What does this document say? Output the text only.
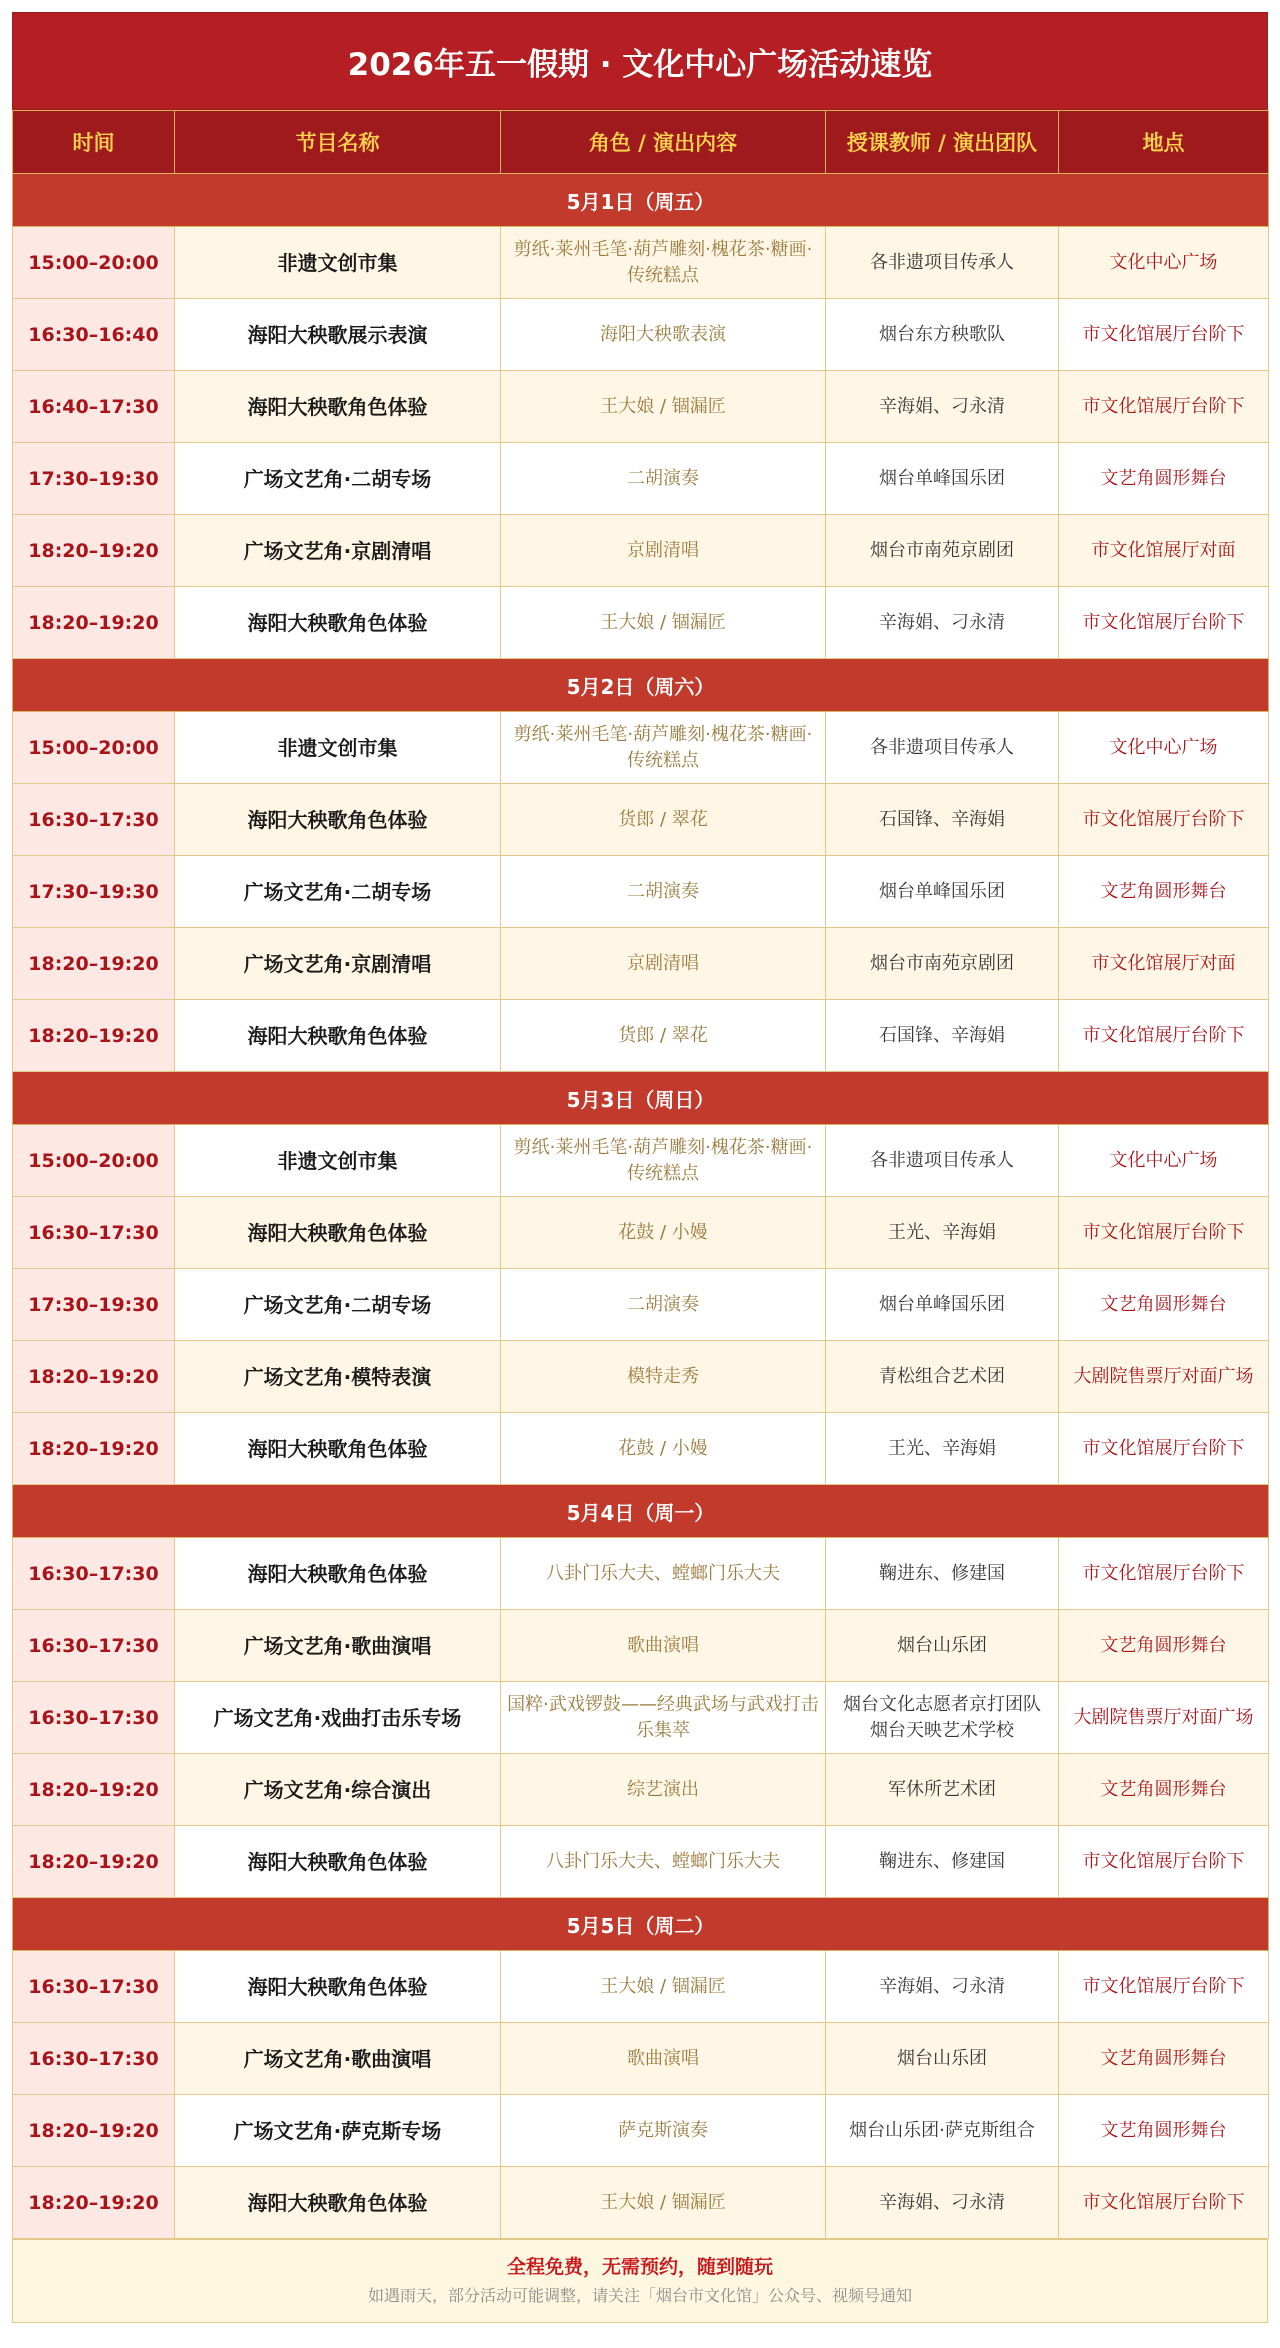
2026年五一假期 · 文化中心广场活动速览
时间	节目名称	角色 / 演出内容	授课教师 / 演出团队	地点
5月1日（周五）				
15:00–20:00	非遗文创市集	剪纸·莱州毛笔·葫芦雕刻·槐花茶·糖画·传统糕点	各非遗项目传承人	文化中心广场
16:30–16:40	海阳大秧歌展示表演	海阳大秧歌表演	烟台东方秧歌队	市文化馆展厅台阶下
16:40–17:30	海阳大秧歌角色体验	王大娘 / 锢漏匠	辛海娟、刁永清	市文化馆展厅台阶下
17:30–19:30	广场文艺角·二胡专场	二胡演奏	烟台单峰国乐团	文艺角圆形舞台
18:20–19:20	广场文艺角·京剧清唱	京剧清唱	烟台市南苑京剧团	市文化馆展厅对面
18:20–19:20	海阳大秧歌角色体验	王大娘 / 锢漏匠	辛海娟、刁永清	市文化馆展厅台阶下
5月2日（周六）				
15:00–20:00	非遗文创市集	剪纸·莱州毛笔·葫芦雕刻·槐花茶·糖画·传统糕点	各非遗项目传承人	文化中心广场
16:30–17:30	海阳大秧歌角色体验	货郎 / 翠花	石国锋、辛海娟	市文化馆展厅台阶下
17:30–19:30	广场文艺角·二胡专场	二胡演奏	烟台单峰国乐团	文艺角圆形舞台
18:20–19:20	广场文艺角·京剧清唱	京剧清唱	烟台市南苑京剧团	市文化馆展厅对面
18:20–19:20	海阳大秧歌角色体验	货郎 / 翠花	石国锋、辛海娟	市文化馆展厅台阶下
5月3日（周日）				
15:00–20:00	非遗文创市集	剪纸·莱州毛笔·葫芦雕刻·槐花茶·糖画·传统糕点	各非遗项目传承人	文化中心广场
16:30–17:30	海阳大秧歌角色体验	花鼓 / 小嫚	王光、辛海娟	市文化馆展厅台阶下
17:30–19:30	广场文艺角·二胡专场	二胡演奏	烟台单峰国乐团	文艺角圆形舞台
18:20–19:20	广场文艺角·模特表演	模特走秀	青松组合艺术团	大剧院售票厅对面广场
18:20–19:20	海阳大秧歌角色体验	花鼓 / 小嫚	王光、辛海娟	市文化馆展厅台阶下
5月4日（周一）				
16:30–17:30	海阳大秧歌角色体验	八卦门乐大夫、螳螂门乐大夫	鞠进东、修建国	市文化馆展厅台阶下
16:30–17:30	广场文艺角·歌曲演唱	歌曲演唱	烟台山乐团	文艺角圆形舞台
16:30–17:30	广场文艺角·戏曲打击乐专场	国粹·武戏锣鼓——经典武场与武戏打击乐集萃	烟台文化志愿者京打团队 烟台天映艺术学校	大剧院售票厅对面广场
18:20–19:20	广场文艺角·综合演出	综艺演出	军休所艺术团	文艺角圆形舞台
18:20–19:20	海阳大秧歌角色体验	八卦门乐大夫、螳螂门乐大夫	鞠进东、修建国	市文化馆展厅台阶下
5月5日（周二）				
16:30–17:30	海阳大秧歌角色体验	王大娘 / 锢漏匠	辛海娟、刁永清	市文化馆展厅台阶下
16:30–17:30	广场文艺角·歌曲演唱	歌曲演唱	烟台山乐团	文艺角圆形舞台
18:20–19:20	广场文艺角·萨克斯专场	萨克斯演奏	烟台山乐团·萨克斯组合	文艺角圆形舞台
18:20–19:20	海阳大秧歌角色体验	王大娘 / 锢漏匠	辛海娟、刁永清	市文化馆展厅台阶下
全程免费，无需预约，随到随玩
如遇雨天，部分活动可能调整，请关注「烟台市文化馆」公众号、视频号通知
